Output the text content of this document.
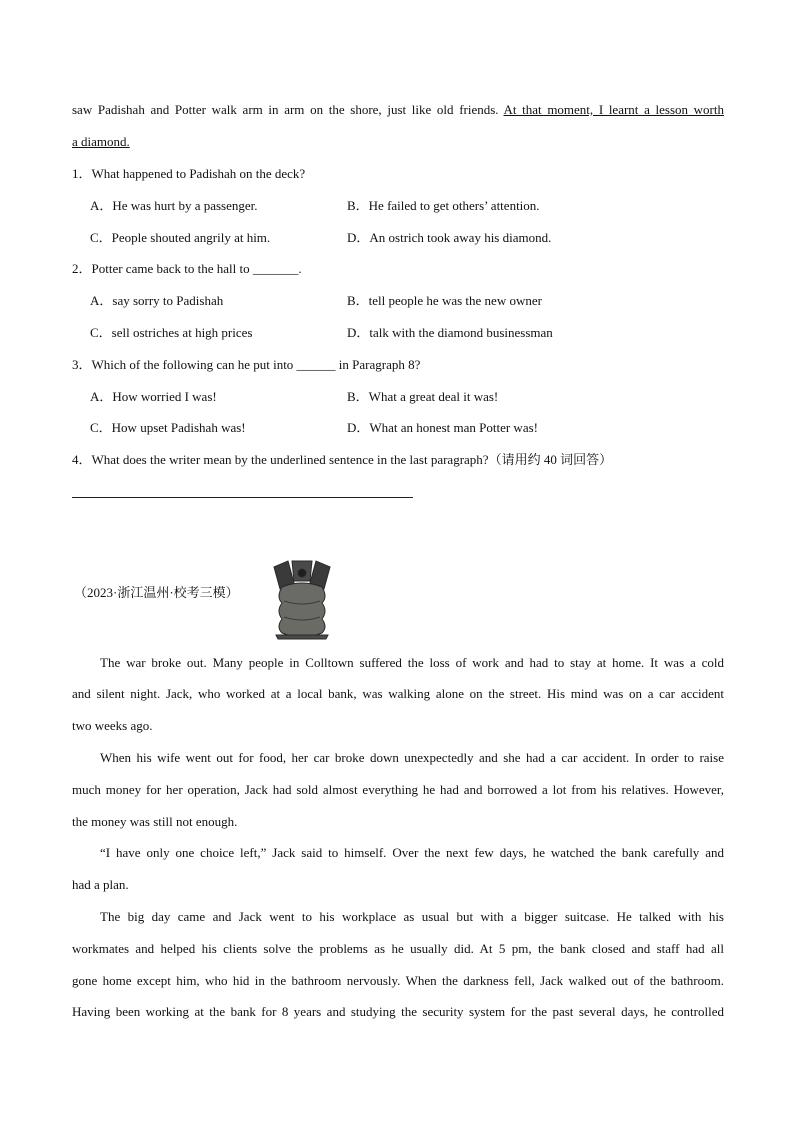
saw Padishah and Potter walk arm in arm on the shore, just like old friends. At that moment, I learnt a lesson worth
a diamond.
1．What happened to Padishah on the deck?
A．He was hurt by a passenger.	B．He failed to get others’ attention.
C．People shouted angrily at him.	D．An ostrich took away his diamond.
2．Potter came back to the hall to _______.
A．say sorry to Padishah	B．tell people he was the new owner
C．sell ostriches at high prices	D．talk with the diamond businessman
3．Which of the following can he put into ______ in Paragraph 8?
A．How worried I was!	B．What a great deal it was!
C．How upset Padishah was!	D．What an honest man Potter was!
4．What does the writer mean by the underlined sentence in the last paragraph?（请用约 40 词回答）
（2023·浙江温州·校考三模）
The war broke out. Many people in Colltown suffered the loss of work and had to stay at home. It was a cold
and silent night. Jack, who worked at a local bank, was walking alone on the street. His mind was on a car accident
two weeks ago.
When his wife went out for food, her car broke down unexpectedly and she had a car accident. In order to raise
much money for her operation, Jack had sold almost everything he had and borrowed a lot from his relatives. However,
the money was still not enough.
“I have only one choice left,” Jack said to himself. Over the next few days, he watched the bank carefully and
had a plan.
The big day came and Jack went to his workplace as usual but with a bigger suitcase. He talked with his
workmates and helped his clients solve the problems as he usually did. At 5 pm, the bank closed and staff had all
gone home except him, who hid in the bathroom nervously. When the darkness fell, Jack walked out of the bathroom.
Having been working at the bank for 8 years and studying the security system for the past several days, he controlled
